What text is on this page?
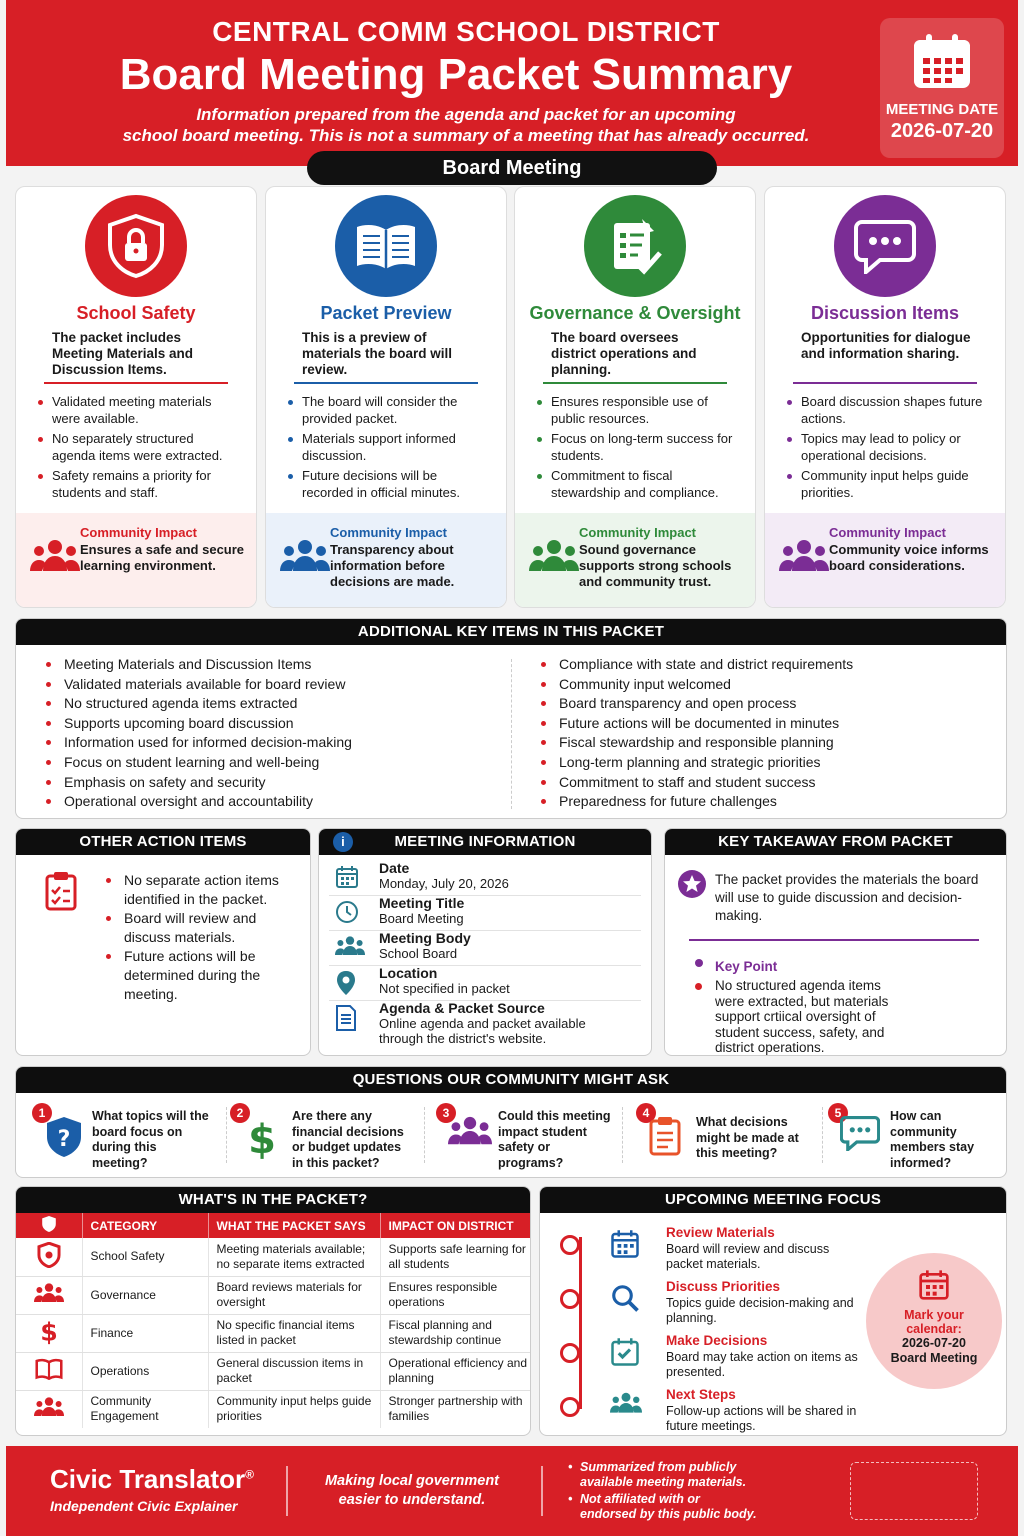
CENTRAL COMM SCHOOL DISTRICT
Board Meeting Packet Summary
Information prepared from the agenda and packet for an upcoming
school board meeting. This is not a summary of a meeting that has already occurred.
MEETING DATE
2026-07-20
Board Meeting
School Safety
The packet includes Meeting Materials and Discussion Items.
Validated meeting materials were available.
No separately structured agenda items were extracted.
Safety remains a priority for students and staff.
Community Impact
Ensures a safe and secure learning environment.
Packet Preview
This is a preview of materials the board will review.
The board will consider the provided packet.
Materials support informed discussion.
Future decisions will be recorded in official minutes.
Community Impact
Transparency about information before decisions are made.
Governance & Oversight
The board oversees district operations and planning.
Ensures responsible use of public resources.
Focus on long-term success for students.
Commitment to fiscal stewardship and compliance.
Community Impact
Sound governance supports strong schools and community trust.
Discussion Items
Opportunities for dialogue and information sharing.
Board discussion shapes future actions.
Topics may lead to policy or operational decisions.
Community input helps guide priorities.
Community Impact
Community voice informs board considerations.
ADDITIONAL KEY ITEMS IN THIS PACKET
Meeting Materials and Discussion Items
Validated materials available for board review
No structured agenda items extracted
Supports upcoming board discussion
Information used for informed decision-making
Focus on student learning and well-being
Emphasis on safety and security
Operational oversight and accountability
Compliance with state and district requirements
Community input welcomed
Board transparency and open process
Future actions will be documented in minutes
Fiscal stewardship and responsible planning
Long-term planning and strategic priorities
Commitment to staff and student success
Preparedness for future challenges
OTHER ACTION ITEMS
No separate action items identified in the packet.
Board will review and discuss materials.
Future actions will be determined during the meeting.
i	MEETING INFORMATION
Date
Monday, July 20, 2026
Meeting Title
Board Meeting
Meeting Body
School Board
Location
Not specified in packet
Agenda & Packet Source
Online agenda and packet available through the district's website.
KEY TAKEAWAY FROM PACKET
The packet provides the materials the board will use to guide discussion and decision-making.
Key Point
No structured agenda items were extracted, but materials support crtiical oversight of student success, safety, and district operations.
QUESTIONS OUR COMMUNITY MIGHT ASK
1
?
What topics will the board focus on during this meeting?
2
$
Are there any financial decisions or budget updates in this packet?
3	Could this meeting impact student safety or programs?
4
What decisions might be made at this meeting?
5	How can community members stay informed?
WHAT'S IN THE PACKET?
	CATEGORY	WHAT THE PACKET SAYS	IMPACT ON DISTRICT
	School Safety	Meeting materials available; no separate items extracted	Supports safe learning for all students
	Governance	Board reviews materials for oversight	Ensures responsible operations

$	Finance	No specific financial items listed in packet	Fiscal planning and stewardship continue
	Operations	General discussion items in packet	Operational efficiency and planning
	Community Engagement	Community input helps guide priorities	Stronger partnership with families
UPCOMING MEETING FOCUS
Review Materials
Board will review and discuss packet materials.
Discuss Priorities
Topics guide decision-making and planning.
Make Decisions
Board may take action on items as presented.
Next Steps
Follow-up actions will be shared in future meetings.
Mark your
calendar:
2026-07-20
Board Meeting
Civic Translator®
Independent Civic Explainer
Making local government
easier to understand.
• Summarized from publicly
available meeting materials.
• Not affiliated with or
endorsed by this public body.
